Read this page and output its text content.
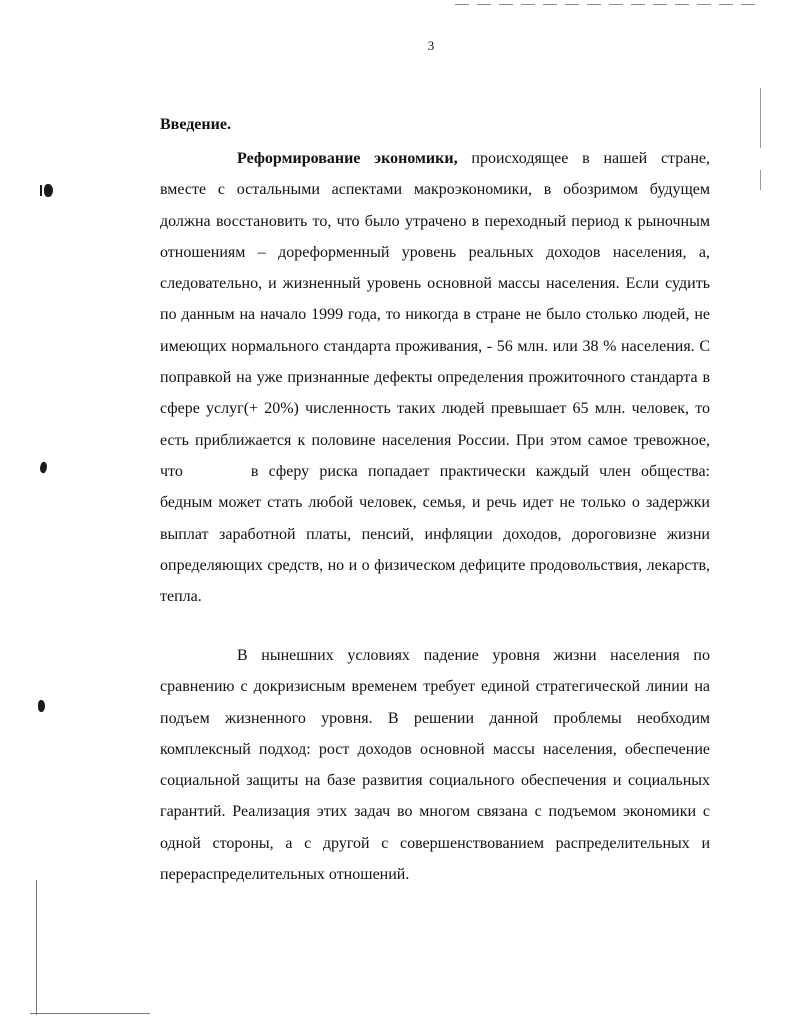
3
Введение.

Реформирование экономики, происходящее в нашей стране, вместе с остальными аспектами макроэкономики, в обозримом будущем должна восстановить то, что было утрачено в переходный период к рыночным отношениям – дореформенный уровень реальных доходов населения, а, следовательно, и жизненный уровень основной массы населения. Если судить по данным на начало 1999 года, то никогда в стране не было столько людей, не имеющих нормального стандарта проживания, - 56 млн. или 38 % населения. С поправкой на уже признанные дефекты определения прожиточного стандарта в сфере услуг(+ 20%) численность таких людей превышает 65 млн. человек, то есть приближается к половине населения России. При этом самое тревожное, что	в сферу риска попадает практически каждый член общества: бедным может стать любой человек, семья, и речь идет не только о задержки выплат заработной платы, пенсий, инфляции доходов, дороговизне жизни определяющих средств, но и о физическом дефиците продовольствия, лекарств, тепла.

В нынешних условиях падение уровня жизни населения по сравнению с докризисным временем требует единой стратегической линии на подъем жизненного уровня. В решении данной проблемы необходим комплексный подход: рост доходов основной массы населения, обеспечение социальной защиты на базе развития социального обеспечения и социальных гарантий. Реализация этих задач во многом связана с подъемом экономики с одной стороны, а с другой с совершенствованием распределительных и перераспределительных отношений.
